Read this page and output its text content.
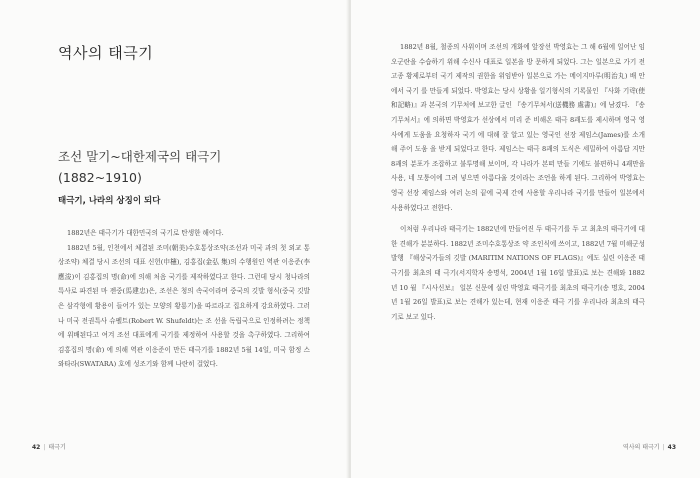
역사의 태극기
조선 말기~대한제국의 태극기
(1882~1910)
태극기, 나라의 상징이 되다

1882년은 태극기가 대한민국의 국기로 탄생한 해이다.

1882년 5월, 인천에서 체결된 조미(朝美)수호통상조약(조선과 미국 과의 첫 외교 통상조약) 체결 당시 조선의 대표 신헌(申櫶), 김홍집(金弘 集)의 수행원인 역관 이응준(李應浚)이 김홍집의 명(命)에 의해 처음 국기를 제작하였다고 한다. 그런데 당시 청나라의 특사로 파견된 마 젠중(馬建忠)은, 조선은 청의 속국이라며 중국의 깃발 형식(중국 깃발 은 삼각형에 황용이 들어가 있는 모양의 황룡기)을 따르라고 집요하게 강요하였다. 그러나 미국 전권특사 슈펠트(Robert W. Shufeldt)는 조 선을 독립국으로 인정하려는 정책에 위배된다고 여겨 조선 대표에게 국기를 제정하여 사용할 것을 촉구하였다. 그리하여 김홍집의 명(命) 에 의해 역관 이응준이 만든 태극기를 1882년 5월 14일, 미국 함정 스 와타라(SWATARA) 호에 성조기와 함께 나란히 걸었다.

42 | 태극기

1882년 8월, 철종의 사위이며 조선의 개화에 앞장선 박영효는 그 해 6월에 일어난 임오군란을 수습하기 위해 수신사 대표로 일본을 방 문하게 되었다. 그는 일본으로 가기 전 고종 황제로부터 국기 제작의 권한을 위임받아 일본으로 가는 메이지마루(明治丸) 배 안에서 국기 를 만들게 되었다. 박영효는 당시 상황을 일기형식의 기록물인 『사화 기략(使和記略)』과 본국의 기무처에 보고한 글인 『송기무처서(送機務 處書)』에 남겼다. 『송기무처서』에 의하면 박영효가 선상에서 미리 준 비해온 태극 8괘도를 제시하며 영국 영사에게 도움을 요청하자 국기 에 대해 잘 알고 있는 영국인 선장 제임스(James)를 소개해 주어 도움 을 받게 되었다고 한다. 제임스는 태극 8괘의 도식은 세밀하여 아름답 지만 8괘의 분포가 조잡하고 불투명해 보이며, 각 나라가 본떠 만들 기에도 불편하니 4괘만을 사용, 네 모퉁이에 그려 넣으면 아름다울 것이라는 조언을 하게 된다. 그리하여 박영효는 영국 선장 제임스와 여러 논의 끝에 국제 간에 사용할 우리나라 국기를 만들어 일본에서 사용하였다고 전한다.

이처럼 우리나라 태극기는 1882년에 만들어진 두 태극기를 두 고 최초의 태극기에 대한 견해가 분분하다. 1882년 조미수호통상조 약 조인식에 쓰이고, 1882년 7월 미해군성 발행 『해상국가들의 깃발 (MARITIM NATIONS OF FLAGS)』에도 실린 이응준 태극기를 최초의 태 극기(서지학자 송명석, 2004년 1월 16일 발표)로 보는 견해와 1882년 10 월 『시사신보』 일본 신문에 실린 박영효 태극기를 최초의 태극기(송 명호, 2004년 1월 26일 발표)로 보는 견해가 있는데, 현재 이응준 태극 기를 우리나라 최초의 태극기로 보고 있다.

역사의 태극기 | 43
